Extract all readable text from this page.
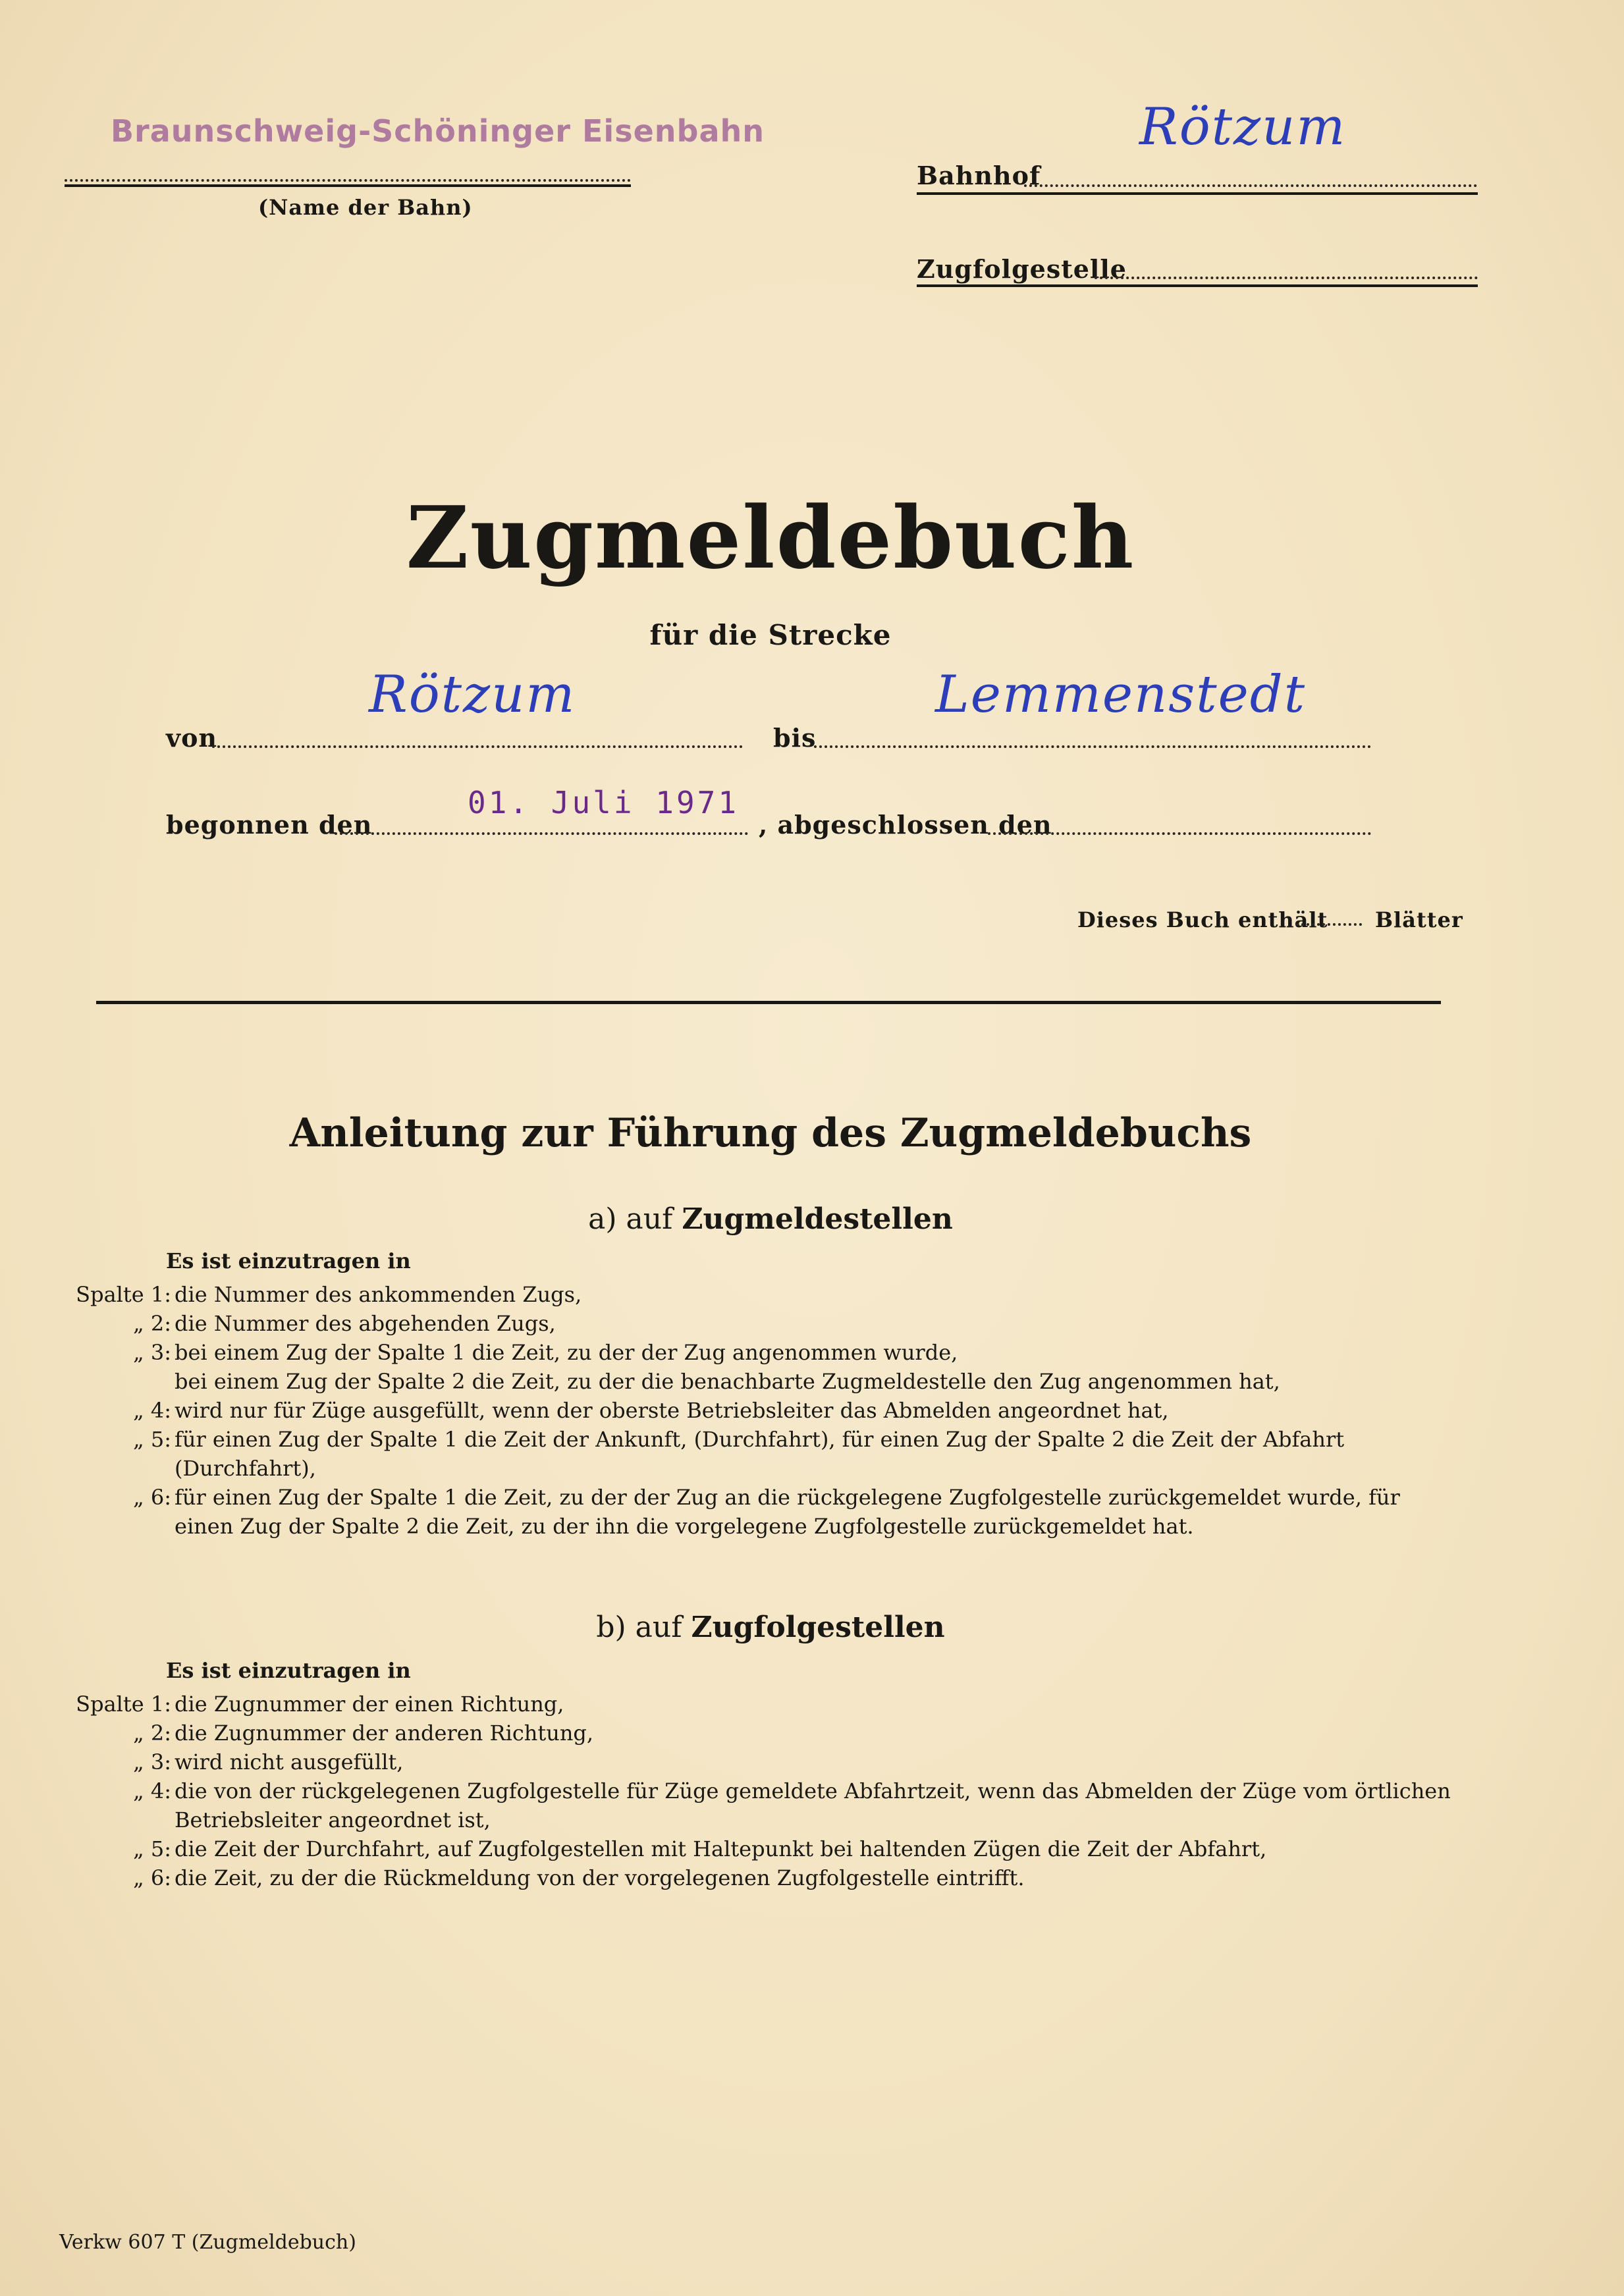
Braunschweig-Schöninger Eisenbahn
(Name der Bahn)
Bahnhof
Rötzum
Zugfolgestelle
Zugmeldebuch
für die Strecke
von
Rötzum
bis
Lemmenstedt
begonnen den
01. Juli 1971
, abgeschlossen den
Dieses Buch enthält Blätter
Anleitung zur Führung des Zugmeldebuchs
a) auf Zugmeldestellen
Es ist einzutragen in
Spalte 1: die Nummer des ankommenden Zugs,
„ 2: die Nummer des abgehenden Zugs,
„ 3: bei einem Zug der Spalte 1 die Zeit, zu der der Zug angenommen wurde,
bei einem Zug der Spalte 2 die Zeit, zu der die benachbarte Zugmeldestelle den Zug angenommen hat,
„ 4: wird nur für Züge ausgefüllt, wenn der oberste Betriebsleiter das Abmelden angeordnet hat,
„ 5: für einen Zug der Spalte 1 die Zeit der Ankunft, (Durchfahrt), für einen Zug der Spalte 2 die Zeit der Abfahrt
(Durchfahrt),
„ 6: für einen Zug der Spalte 1 die Zeit, zu der der Zug an die rückgelegene Zugfolgestelle zurückgemeldet wurde, für
einen Zug der Spalte 2 die Zeit, zu der ihn die vorgelegene Zugfolgestelle zurückgemeldet hat.
b) auf Zugfolgestellen
Es ist einzutragen in
Spalte 1: die Zugnummer der einen Richtung,
„ 2: die Zugnummer der anderen Richtung,
„ 3: wird nicht ausgefüllt,
„ 4: die von der rückgelegenen Zugfolgestelle für Züge gemeldete Abfahrtzeit, wenn das Abmelden der Züge vom örtlichen
Betriebsleiter angeordnet ist,
„ 5: die Zeit der Durchfahrt, auf Zugfolgestellen mit Haltepunkt bei haltenden Zügen die Zeit der Abfahrt,
„ 6: die Zeit, zu der die Rückmeldung von der vorgelegenen Zugfolgestelle eintrifft.
Verkw 607 T (Zugmeldebuch)
